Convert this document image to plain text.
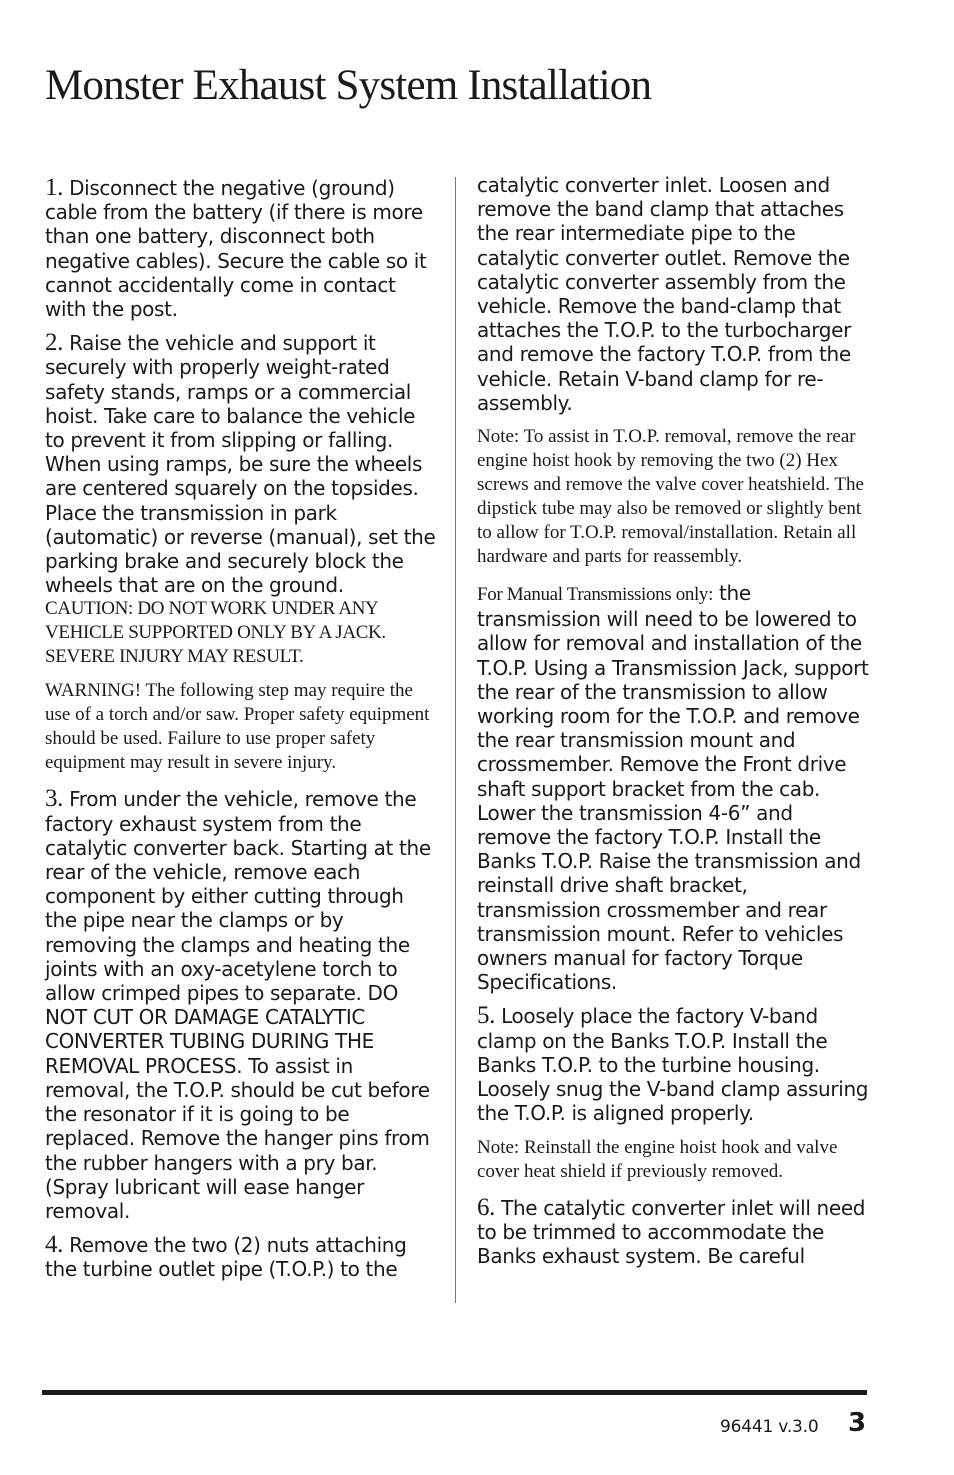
Monster Exhaust System Installation

1. Disconnect the negative (ground) cable from the battery (if there is more than one battery, disconnect both negative cables). Secure the cable so it cannot accidentally come in contact with the post.

2. Raise the vehicle and support it securely with properly weight-rated safety stands, ramps or a commercial hoist. Take care to balance the vehicle to prevent it from slipping or falling. When using ramps, be sure the wheels are centered squarely on the topsides. Place the transmission in park (automatic) or reverse (manual), set the parking brake and securely block the wheels that are on the ground.
CAUTION: DO NOT WORK UNDER ANY VEHICLE SUPPORTED ONLY BY A JACK. SEVERE INJURY MAY RESULT.

WARNING! The following step may require the use of a torch and/or saw. Proper safety equipment should be used. Failure to use proper safety equipment may result in severe injury.

3. From under the vehicle, remove the factory exhaust system from the catalytic converter back. Starting at the rear of the vehicle, remove each component by either cutting through the pipe near the clamps or by removing the clamps and heating the joints with an oxy-acetylene torch to allow crimped pipes to separate. DO NOT CUT OR DAMAGE CATALYTIC CONVERTER TUBING DURING THE REMOVAL PROCESS. To assist in removal, the T.O.P. should be cut before the resonator if it is going to be replaced. Remove the hanger pins from the rubber hangers with a pry bar. (Spray lubricant will ease hanger removal.

4. Remove the two (2) nuts attaching the turbine outlet pipe (T.O.P.) to the

catalytic converter inlet. Loosen and remove the band clamp that attaches the rear intermediate pipe to the catalytic converter outlet. Remove the catalytic converter assembly from the vehicle. Remove the band-clamp that attaches the T.O.P. to the turbocharger and remove the factory T.O.P. from the vehicle. Retain V-band clamp for re-assembly.

Note: To assist in T.O.P. removal, remove the rear engine hoist hook by removing the two (2) Hex screws and remove the valve cover heatshield. The dipstick tube may also be removed or slightly bent to allow for T.O.P. removal/installation. Retain all hardware and parts for reassembly.

For Manual Transmissions only: the transmission will need to be lowered to allow for removal and installation of the T.O.P. Using a Transmission Jack, support the rear of the transmission to allow working room for the T.O.P. and remove the rear transmission mount and crossmember. Remove the Front drive shaft support bracket from the cab. Lower the transmission 4-6” and remove the factory T.O.P. Install the Banks T.O.P. Raise the transmission and reinstall drive shaft bracket, transmission crossmember and rear transmission mount. Refer to vehicles owners manual for factory Torque Specifications.

5. Loosely place the factory V-band clamp on the Banks T.O.P. Install the Banks T.O.P. to the turbine housing. Loosely snug the V-band clamp assuring the T.O.P. is aligned properly.

Note: Reinstall the engine hoist hook and valve cover heat shield if previously removed.

6. The catalytic converter inlet will need to be trimmed to accommodate the Banks exhaust system. Be careful

96441 v.3.0 3
